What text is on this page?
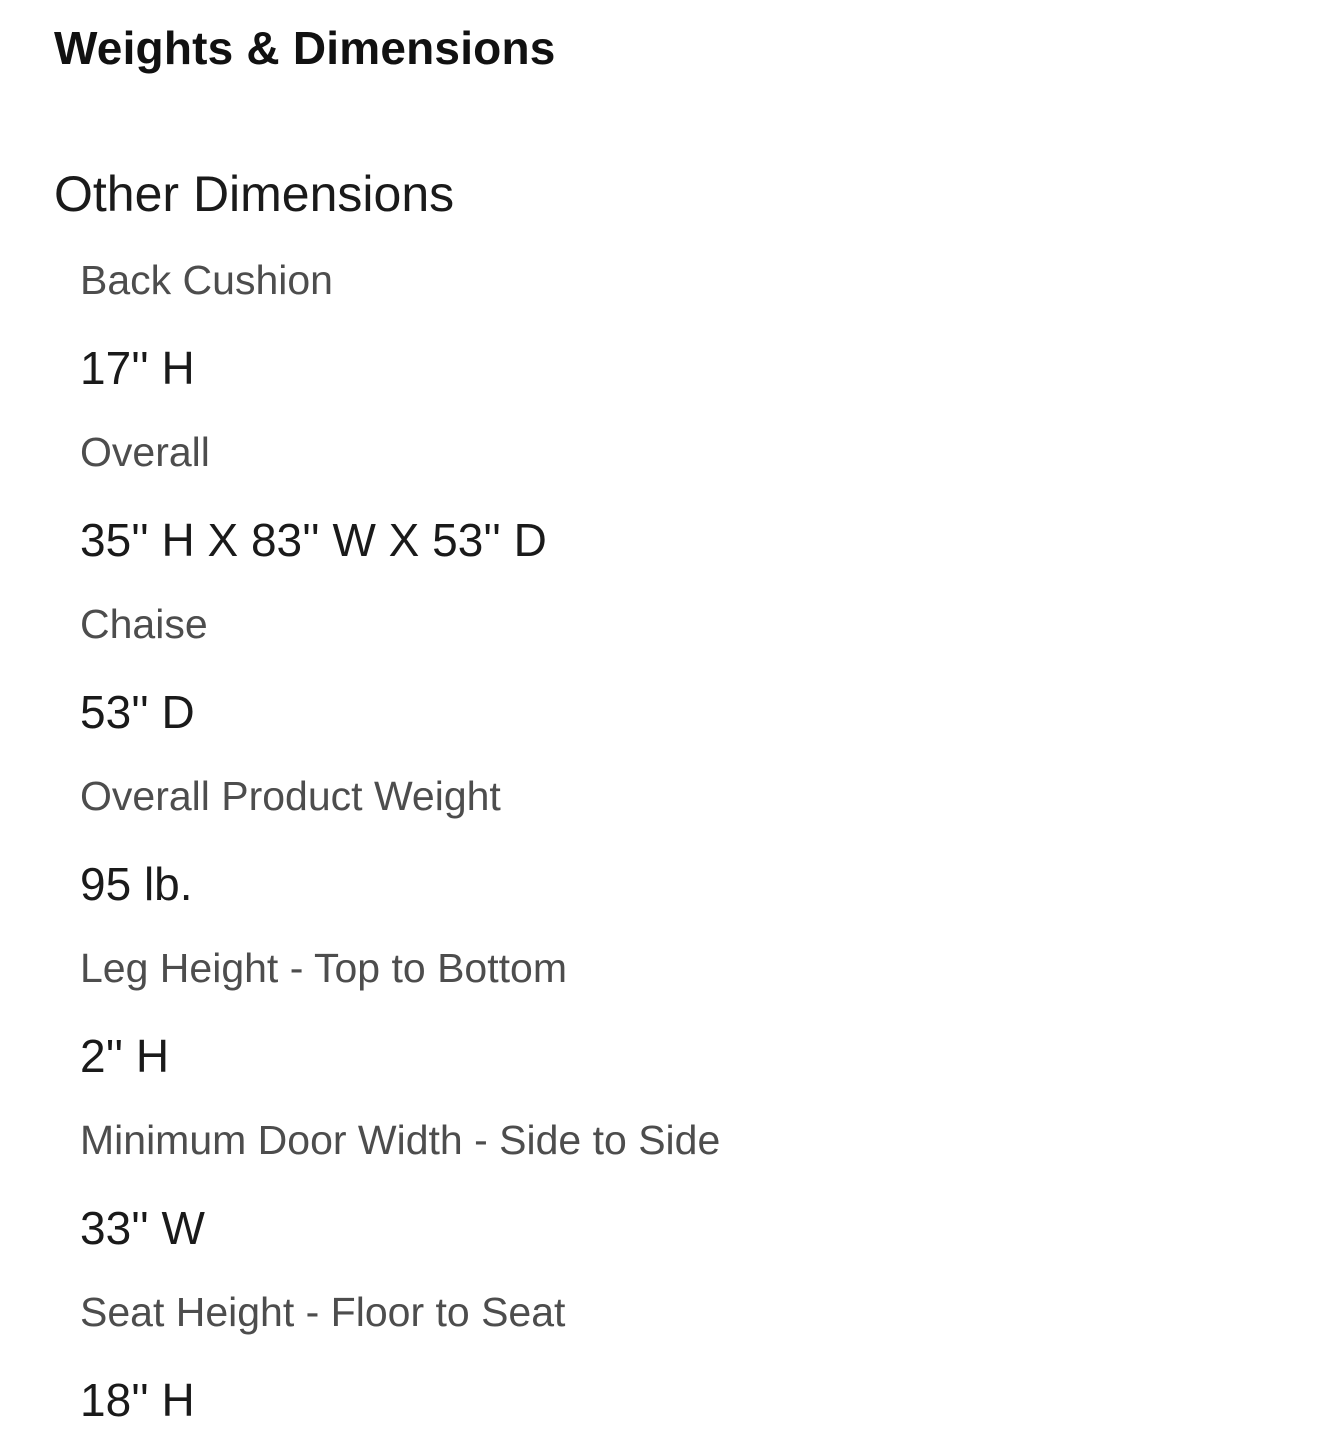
Weights & Dimensions
Other Dimensions
Back Cushion
17'' H
Overall
35'' H X 83'' W X 53'' D
Chaise
53'' D
Overall Product Weight
95 lb.
Leg Height - Top to Bottom
2'' H
Minimum Door Width - Side to Side
33'' W
Seat Height - Floor to Seat
18'' H
